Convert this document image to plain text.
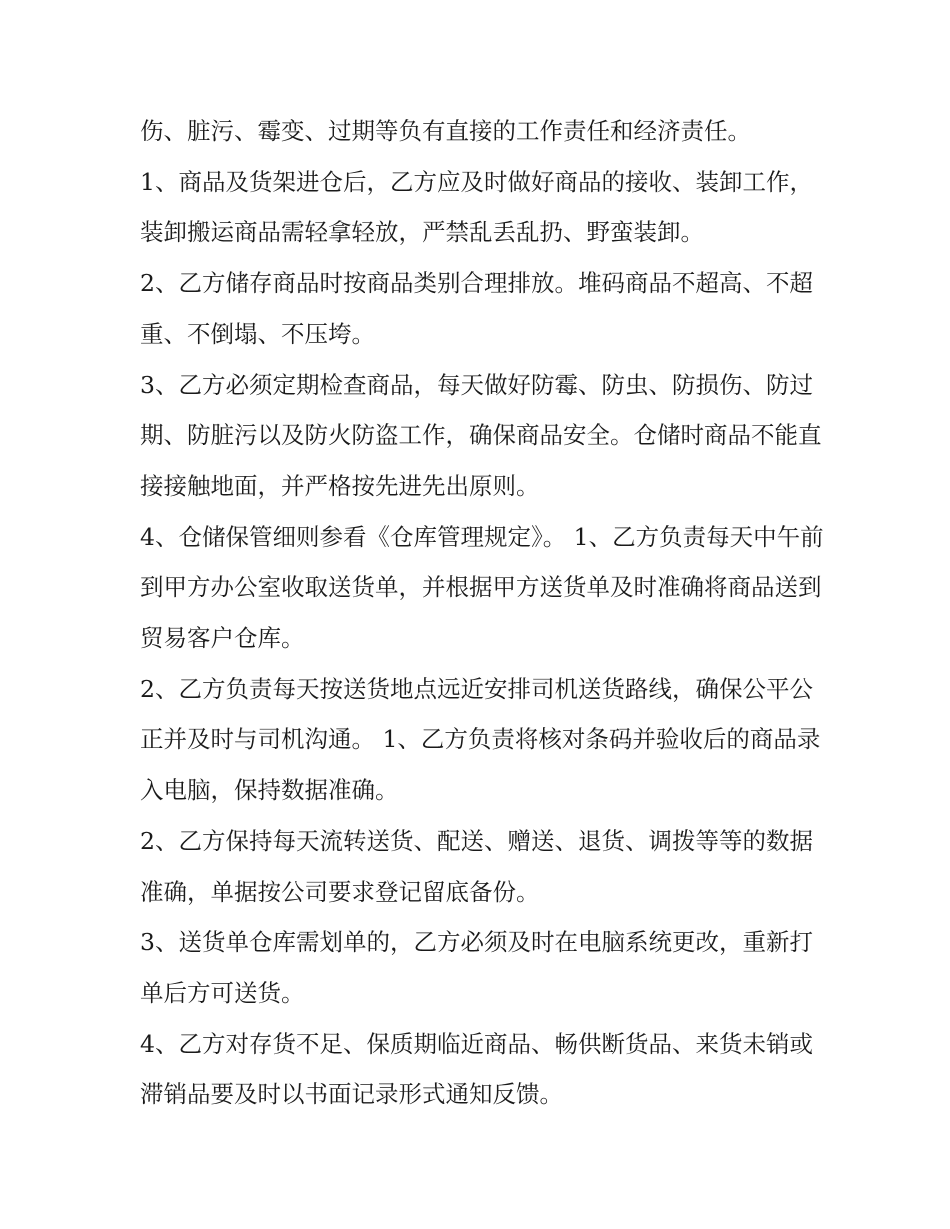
伤、脏污、霉变、过期等负有直接的工作责任和经济责任。

1、商品及货架进仓后，乙方应及时做好商品的接收、装卸工作，装卸搬运商品需轻拿轻放，严禁乱丢乱扔、野蛮装卸。

2、乙方储存商品时按商品类别合理排放。堆码商品不超高、不超重、不倒塌、不压垮。

3、乙方必须定期检查商品，每天做好防霉、防虫、防损伤、防过期、防脏污以及防火防盗工作，确保商品安全。仓储时商品不能直接接触地面，并严格按先进先出原则。

4、仓储保管细则参看《仓库管理规定》。 1、乙方负责每天中午前到甲方办公室收取送货单，并根据甲方送货单及时准确将商品送到贸易客户仓库。

2、乙方负责每天按送货地点远近安排司机送货路线，确保公平公正并及时与司机沟通。 1、乙方负责将核对条码并验收后的商品录入电脑，保持数据准确。

2、乙方保持每天流转送货、配送、赠送、退货、调拨等等的数据准确，单据按公司要求登记留底备份。

3、送货单仓库需划单的，乙方必须及时在电脑系统更改，重新打单后方可送货。

4、乙方对存货不足、保质期临近商品、畅供断货品、来货未销或滞销品要及时以书面记录形式通知反馈。
